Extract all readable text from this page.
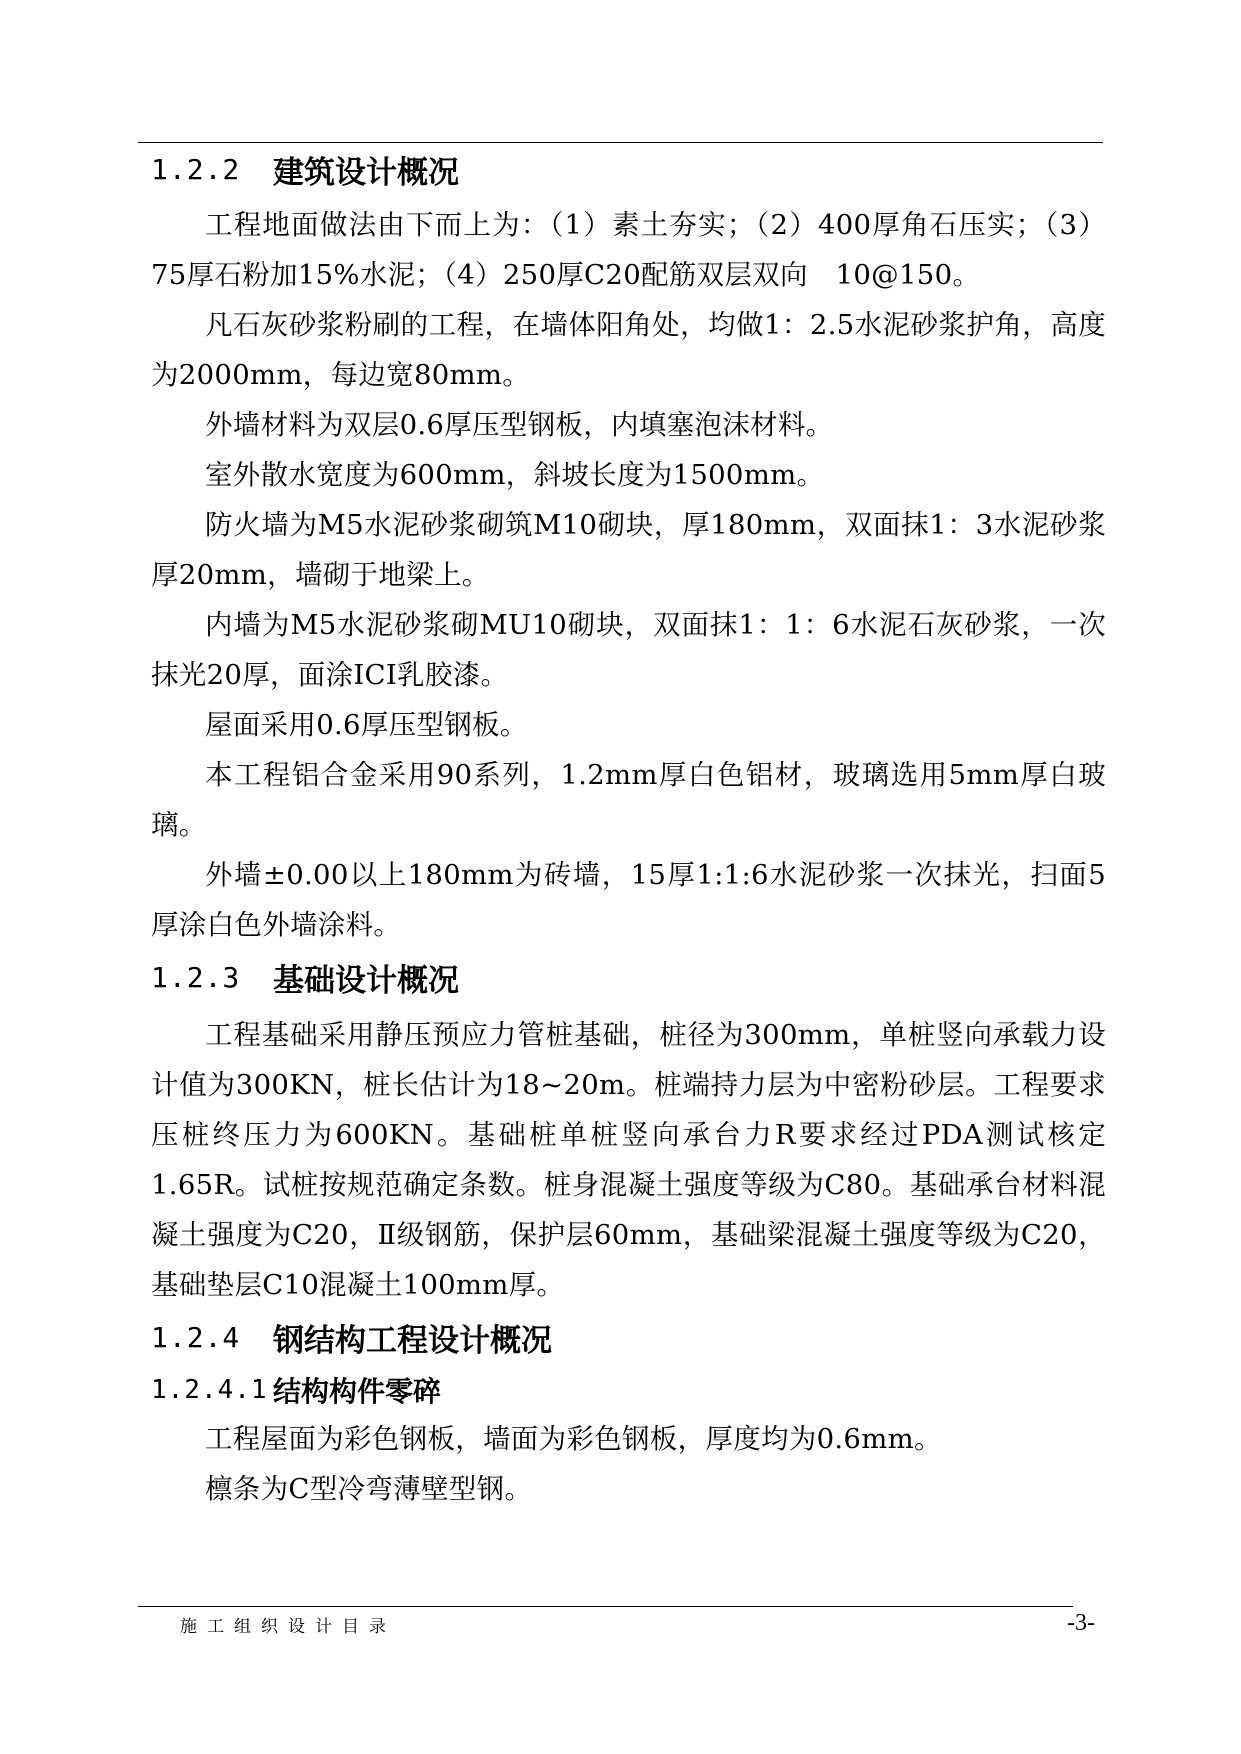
1.2.2	建筑设计概况

工程地面做法由下而上为：（1）素土夯实；（2）400厚角石压实；（3）75厚石粉加15%水泥；（4）250厚C20配筋双层双向　10@150。

凡石灰砂浆粉刷的工程，在墙体阳角处，均做1：2.5水泥砂浆护角，高度为2000mm，每边宽80mm。

外墙材料为双层0.6厚压型钢板，内填塞泡沫材料。

室外散水宽度为600mm，斜坡长度为1500mm。

防火墙为M5水泥砂浆砌筑M10砌块，厚180mm，双面抹1：3水泥砂浆厚20mm，墙砌于地梁上。

内墙为M5水泥砂浆砌MU10砌块，双面抹1：1：6水泥石灰砂浆，一次抹光20厚，面涂ICI乳胶漆。

屋面采用0.6厚压型钢板。

本工程铝合金采用90系列，1.2mm厚白色铝材，玻璃选用5mm厚白玻璃。

外墙±0.00以上180mm为砖墙，15厚1:1:6水泥砂浆一次抹光，扫面5厚涂白色外墙涂料。

1.2.3	基础设计概况

工程基础采用静压预应力管桩基础，桩径为300mm，单桩竖向承载力设计值为300KN，桩长估计为18~20m。桩端持力层为中密粉砂层。工程要求压桩终压力为600KN。基础桩单桩竖向承台力R要求经过PDA测试核定1.65R。试桩按规范确定条数。桩身混凝土强度等级为C80。基础承台材料混凝土强度为C20，Ⅱ级钢筋，保护层60mm，基础梁混凝土强度等级为C20，基础垫层C10混凝土100mm厚。

1.2.4	钢结构工程设计概况
1.2.4.1 结构构件零碎

工程屋面为彩色钢板，墙面为彩色钢板，厚度均为0.6mm。

檩条为C型冷弯薄壁型钢。

施工组织设计目录	-3-
